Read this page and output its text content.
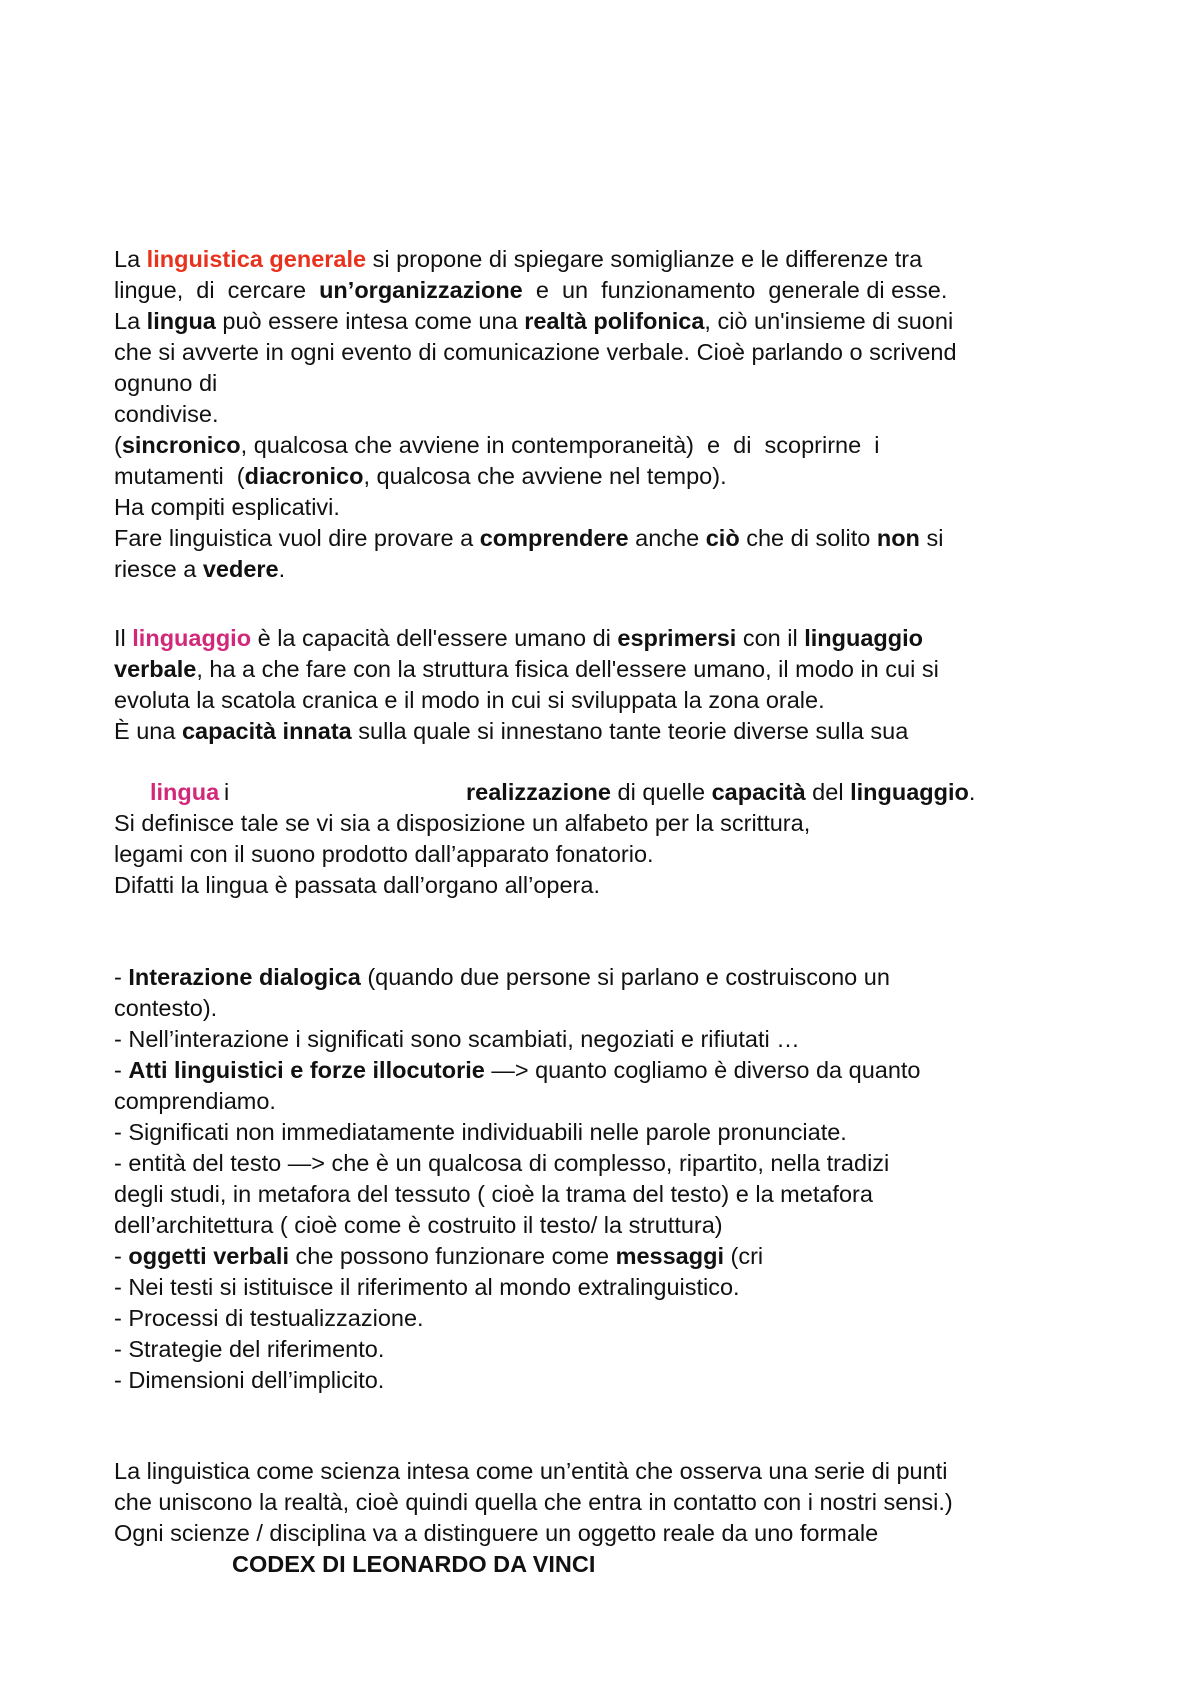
La linguistica generale si propone di spiegare somiglianze e le differenze tra
lingue,  di  cercare  un’organizzazione  e  un  funzionamento  generale di esse.
La lingua può essere intesa come una realtà polifonica, ciò un'insieme di suoni
che si avverte in ogni evento di comunicazione verbale. Cioè parlando o scrivend
ognuno di
condivise.
(sincronico, qualcosa che avviene in contemporaneità)  e  di  scoprirne  i
mutamenti  (diacronico, qualcosa che avviene nel tempo).
Ha compiti esplicativi.
Fare linguistica vuol dire provare a comprendere anche ciò che di solito non si
riesce a vedere.
Il linguaggio è la capacità dell'essere umano di esprimersi con il linguaggio
verbale, ha a che fare con la struttura fisica dell'essere umano, il modo in cui si
evoluta la scatola cranica e il modo in cui si sviluppata la zona orale.
È una capacità innata sulla quale si innestano tante teorie diverse sulla sua
lingua i	realizzazione di quelle capacità del linguaggio.
Si definisce tale se vi sia a disposizione un alfabeto per la scrittura,
legami con il suono prodotto dall’apparato fonatorio.
Difatti la lingua è passata dall’organo all’opera.
- Interazione dialogica (quando due persone si parlano e costruiscono un
contesto).
- Nell’interazione i significati sono scambiati, negoziati e rifiutati …
- Atti linguistici e forze illocutorie —> quanto cogliamo è diverso da quanto
comprendiamo.
- Significati non immediatamente individuabili nelle parole pronunciate.
- entità del testo —> che è un qualcosa di complesso, ripartito, nella tradizi
degli studi, in metafora del tessuto ( cioè la trama del testo) e la metafora
dell’architettura ( cioè come è costruito il testo/ la struttura)
- oggetti verbali che possono funzionare come messaggi (cri
- Nei testi si istituisce il riferimento al mondo extralinguistico.
- Processi di testualizzazione.
- Strategie del riferimento.
- Dimensioni dell’implicito.
La linguistica come scienza intesa come un’entità che osserva una serie di punti
che uniscono la realtà, cioè quindi quella che entra in contatto con i nostri sensi.)
Ogni scienze / disciplina va a distinguere un oggetto reale da uno formale
CODEX DI LEONARDO DA VINCI
